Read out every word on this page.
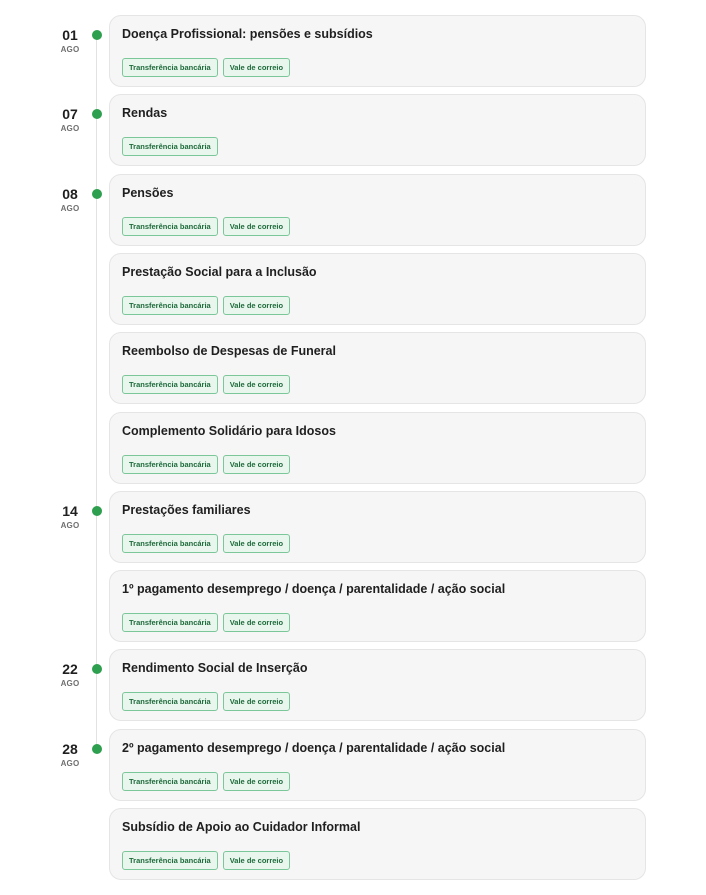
01
AGO
Doença Profissional: pensões e subsídios
Transferência bancária	Vale de correio
07
AGO
Rendas
Transferência bancária
08
AGO
Pensões
Transferência bancária	Vale de correio
Prestação Social para a Inclusão
Transferência bancária	Vale de correio
Reembolso de Despesas de Funeral
Transferência bancária	Vale de correio
Complemento Solidário para Idosos
Transferência bancária	Vale de correio
14
AGO
Prestações familiares
Transferência bancária	Vale de correio
1º pagamento desemprego / doença / parentalidade / ação social
Transferência bancária	Vale de correio
22
AGO
Rendimento Social de Inserção
Transferência bancária	Vale de correio
28
AGO
2º pagamento desemprego / doença / parentalidade / ação social
Transferência bancária	Vale de correio
Subsídio de Apoio ao Cuidador Informal
Transferência bancária	Vale de correio
